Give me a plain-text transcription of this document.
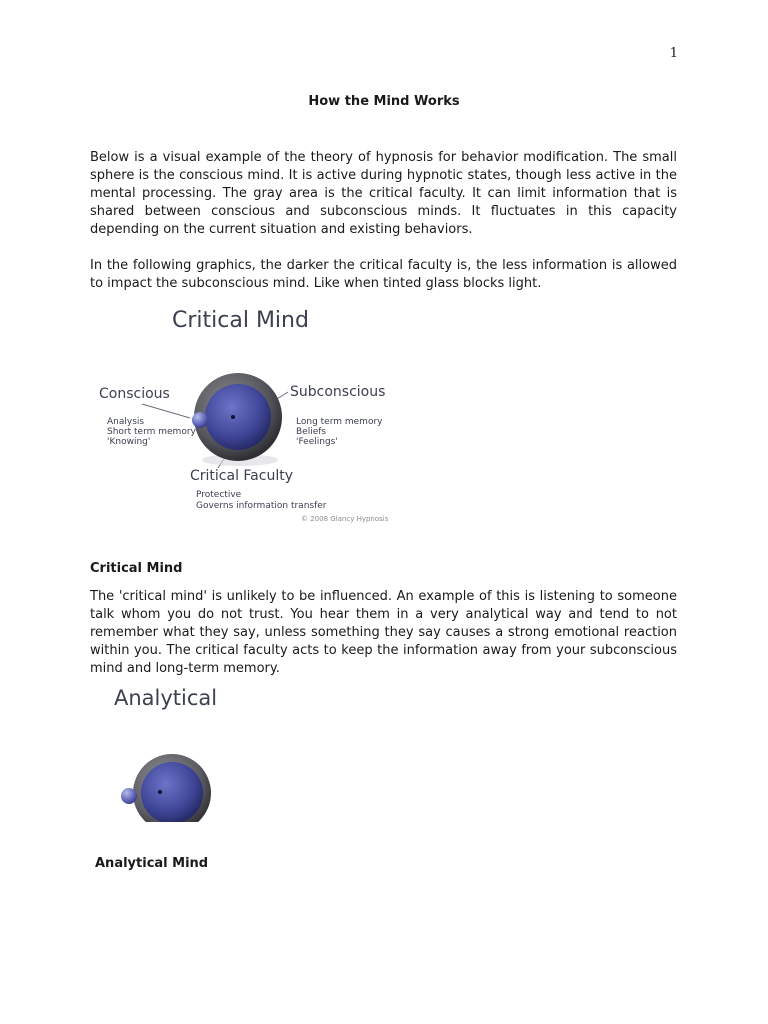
1
How the Mind Works

Below is a visual example of the theory of hypnosis for behavior modification. The small sphere is the conscious mind. It is active during hypnotic states, though less active in the mental processing. The gray area is the critical faculty. It can limit information that is shared between conscious and subconscious minds. It fluctuates in this capacity depending on the current situation and existing behaviors.

In the following graphics, the darker the critical faculty is, the less information is allowed to impact the subconscious mind. Like when tinted glass blocks light.

Critical Mind
Conscious
Analysis
Short term memory
'Knowing'
Subconscious
Long term memory
Beliefs
'Feelings'
Critical Faculty
Protective
Governs information transfer
© 2008 Glancy Hypnosis

Critical Mind

The 'critical mind' is unlikely to be influenced. An example of this is listening to someone talk whom you do not trust. You hear them in a very analytical way and tend to not remember what they say, unless something they say causes a strong emotional reaction within you. The critical faculty acts to keep the information away from your subconscious mind and long-term memory.

Analytical

Analytical Mind
